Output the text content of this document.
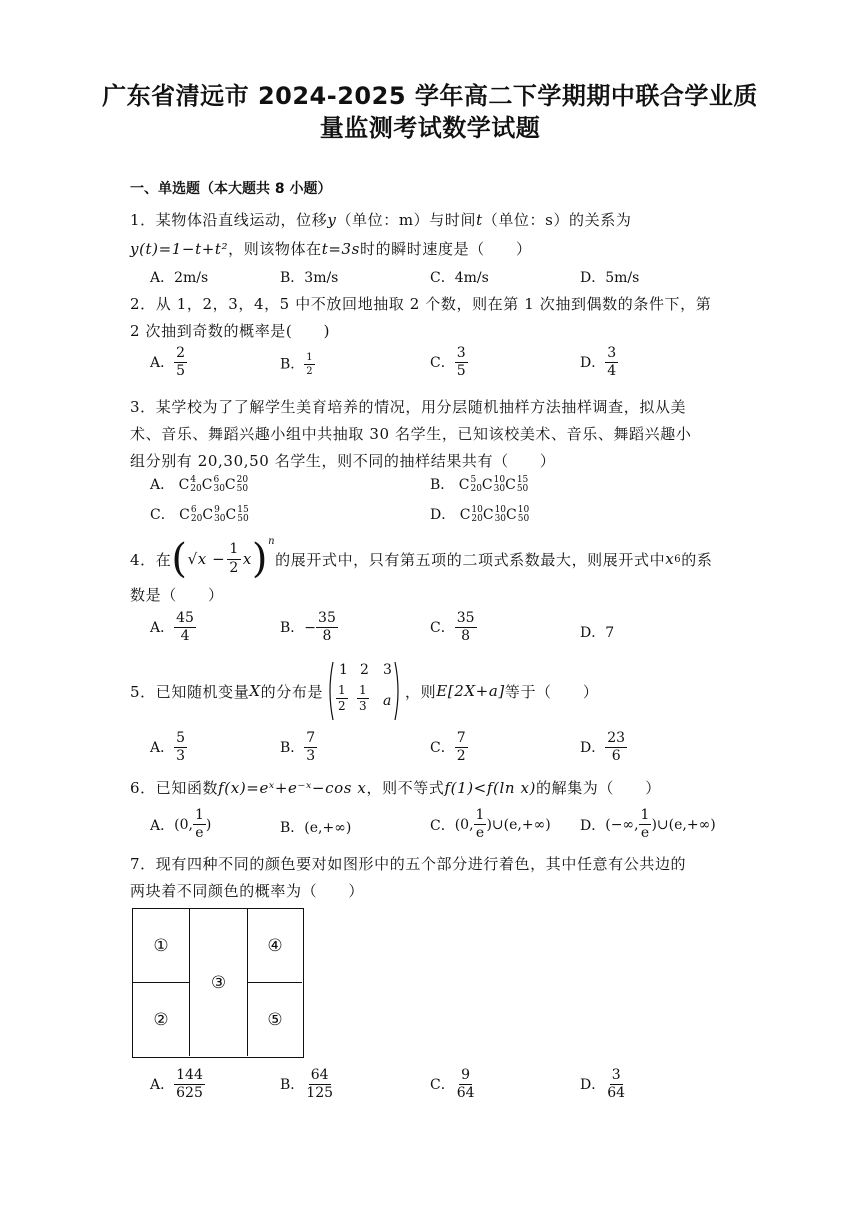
广东省清远市 2024-2025 学年高二下学期期中联合学业质
量监测考试数学试题
一、单选题（本大题共 8 小题）
1．某物体沿直线运动，位移y（单位：m）与时间t（单位：s）的关系为
y(t)=1−t+t²，则该物体在t=3s时的瞬时速度是（　　）
A．2m/s	B．3m/s	C．4m/s	D．5m/s
2．从 1，2，3，4，5 中不放回地抽取 2 个数，则在第 1 次抽到偶数的条件下，第
2 次抽到奇数的概率是(　　)
A． $\frac{2}{5}$	B． $\frac{1}{2}$	C． $\frac{3}{5}$	D． $\frac{3}{4}$
3．某学校为了了解学生美育培养的情况，用分层随机抽样方法抽样调查，拟从美
术、音乐、舞蹈兴趣小组中共抽取 30 名学生，已知该校美术、音乐、舞蹈兴趣小
组分别有 20,30,50 名学生，则不同的抽样结果共有（　　）
A． C 4
20 C 6
30 C 20
50	B． C 5
20 C 10
30 C 15
50
C． C 6
20 C 9
30 C 15
50	D． C 10
20 C 10
30 C 10
50
4．在 ( $√x - \frac{1}{2}$ x ) n
的展开式中，只有第五项的二项式系数最大，则展开式中 x 6 的系
数是（　　）
A． $\frac{45}{4}$	B．− $\frac{35}{8}$	C． $\frac{35}{8}$	D．7
5．已知随机变量 X 的分布是
1 2 3
$\frac{1}{2} \frac{1}{3}$ a
，则 E[2X+a] 等于（　　）
A． $\frac{5}{3}$	B． $\frac{7}{3}$	C． $\frac{7}{2}$	D． $\frac{23}{6}$
6．已知函数f(x)=eˣ+e⁻ˣ−cos x，则不等式f(1)<f(ln x)的解集为（　　）
A． (0, $\frac{1}{e}$ )	B．(e,+∞)	C． (0, $\frac{1}{e}$ )∪(e,+∞) D． (−∞, $\frac{1}{e}$ )∪(e,+∞)
7．现有四种不同的颜色要对如图形中的五个部分进行着色，其中任意有公共边的
两块着不同颜色的概率为（　　）
①
②
③
④
⑤
A． $\frac{144}{625}$	B． $\frac{64}{125}$	C． $\frac{9}{64}$	D． $\frac{3}{64}$
